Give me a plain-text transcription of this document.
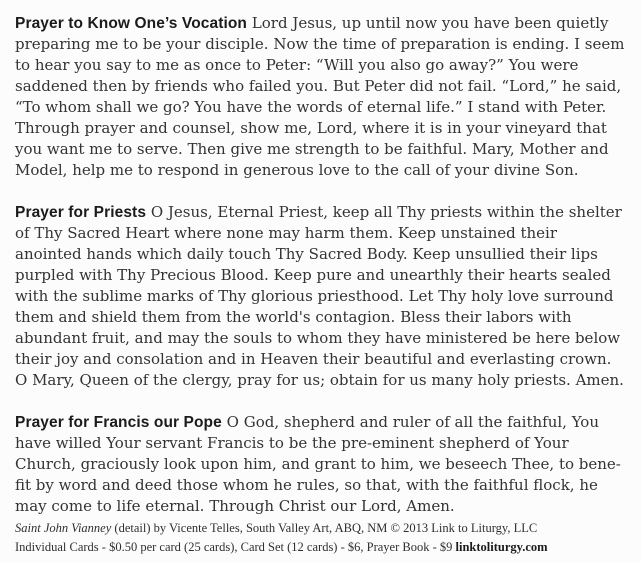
Prayer to Know One’s Vocation Lord Jesus, up until now you have been quietly preparing me to be your disciple. Now the time of preparation is ending. I seem to hear you say to me as once to Peter: “Will you also go away?” You were saddened then by friends who failed you. But Peter did not fail. “Lord,” he said, “To whom shall we go? You have the words of eternal life.” I stand with Peter. Through prayer and counsel, show me, Lord, where it is in your vineyard that you want me to serve. Then give me strength to be faithful. Mary, Mother and Model, help me to respond in generous love to the call of your divine Son.

Prayer for Priests O Jesus, Eternal Priest, keep all Thy priests within the shelter of Thy Sacred Heart where none may harm them. Keep unstained their anointed hands which daily touch Thy Sacred Body. Keep unsullied their lips purpled with Thy Precious Blood. Keep pure and unearthly their hearts sealed with the sublime marks of Thy glorious priesthood. Let Thy holy love surround them and shield them from the world's contagion. Bless their labors with abundant fruit, and may the souls to whom they have ministered be here below their joy and consolation and in Heaven their beautiful and everlasting crown. O Mary, Queen of the clergy, pray for us; obtain for us many holy priests. Amen.

Prayer for Francis our Pope O God, shepherd and ruler of all the faithful, You have willed Your servant Francis to be the pre-eminent shepherd of Your Church, graciously look upon him, and grant to him, we beseech Thee, to bene-fit by word and deed those whom he rules, so that, with the faithful flock, he may come to life eternal. Through Christ our Lord, Amen.

Saint John Vianney (detail) by Vicente Telles, South Valley Art, ABQ, NM © 2013 Link to Liturgy, LLC
Individual Cards - $0.50 per card (25 cards), Card Set (12 cards) - $6, Prayer Book - $9 linktoliturgy.com
